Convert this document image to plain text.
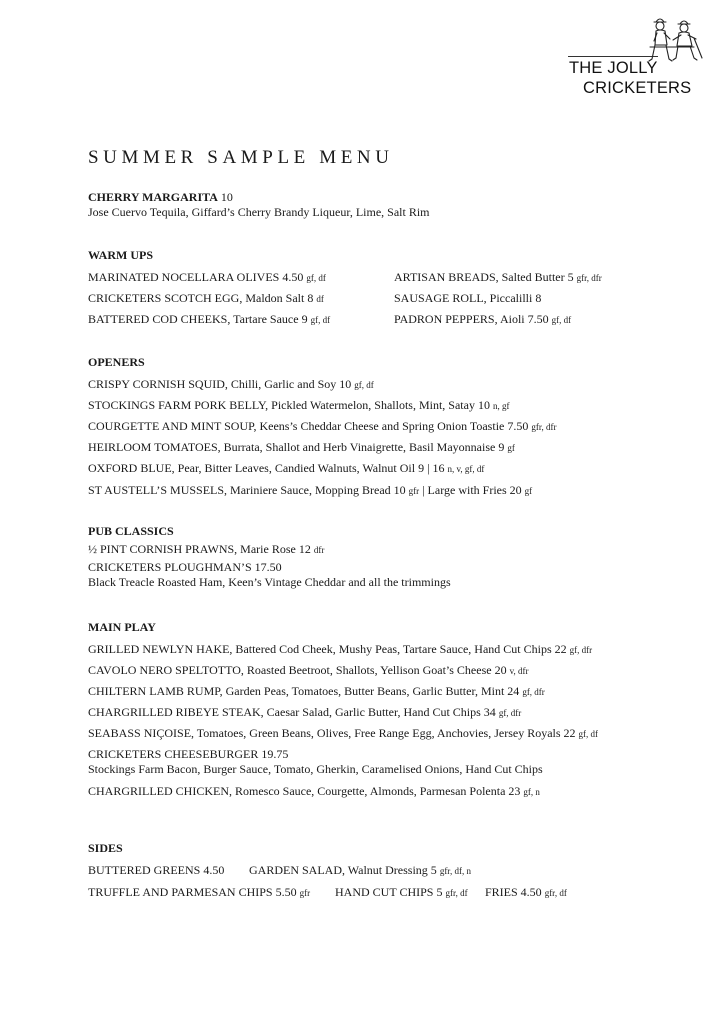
THE JOLLY
CRICKETERS
SUMMER SAMPLE MENU
CHERRY MARGARITA 10
Jose Cuervo Tequila, Giffard’s Cherry Brandy Liqueur, Lime, Salt Rim
WARM UPS
MARINATED NOCELLARA OLIVES 4.50 gf, df
CRICKETERS SCOTCH EGG, Maldon Salt 8 df
BATTERED COD CHEEKS, Tartare Sauce 9 gf, df
ARTISAN BREADS, Salted Butter 5 gfr, dfr
SAUSAGE ROLL, Piccalilli 8
PADRON PEPPERS, Aioli 7.50 gf, df
OPENERS
CRISPY CORNISH SQUID, Chilli, Garlic and Soy 10 gf, df
STOCKINGS FARM PORK BELLY, Pickled Watermelon, Shallots, Mint, Satay 10 n, gf
COURGETTE AND MINT SOUP, Keens’s Cheddar Cheese and Spring Onion Toastie 7.50 gfr, dfr
HEIRLOOM TOMATOES, Burrata, Shallot and Herb Vinaigrette, Basil Mayonnaise 9 gf
OXFORD BLUE, Pear, Bitter Leaves, Candied Walnuts, Walnut Oil 9 | 16 n, v, gf, df
ST AUSTELL’S MUSSELS, Mariniere Sauce, Mopping Bread 10 gfr | Large with Fries 20 gf
PUB CLASSICS
½ PINT CORNISH PRAWNS, Marie Rose 12 dfr
CRICKETERS PLOUGHMAN’S 17.50
Black Treacle Roasted Ham, Keen’s Vintage Cheddar and all the trimmings
MAIN PLAY
GRILLED NEWLYN HAKE, Battered Cod Cheek, Mushy Peas, Tartare Sauce, Hand Cut Chips 22 gf, dfr
CAVOLO NERO SPELTOTTO, Roasted Beetroot, Shallots, Yellison Goat’s Cheese 20 v, dfr
CHILTERN LAMB RUMP, Garden Peas, Tomatoes, Butter Beans, Garlic Butter, Mint 24 gf, dfr
CHARGRILLED RIBEYE STEAK, Caesar Salad, Garlic Butter, Hand Cut Chips 34 gf, dfr
SEABASS NIÇOISE, Tomatoes, Green Beans, Olives, Free Range Egg, Anchovies, Jersey Royals 22 gf, df
CRICKETERS CHEESEBURGER 19.75
Stockings Farm Bacon, Burger Sauce, Tomato, Gherkin, Caramelised Onions, Hand Cut Chips
CHARGRILLED CHICKEN, Romesco Sauce, Courgette, Almonds, Parmesan Polenta 23 gf, n
SIDES
BUTTERED GREENS 4.50 GARDEN SALAD, Walnut Dressing 5 gfr, df, n
TRUFFLE AND PARMESAN CHIPS 5.50 gfr HAND CUT CHIPS 5 gfr, df FRIES 4.50 gfr, df
